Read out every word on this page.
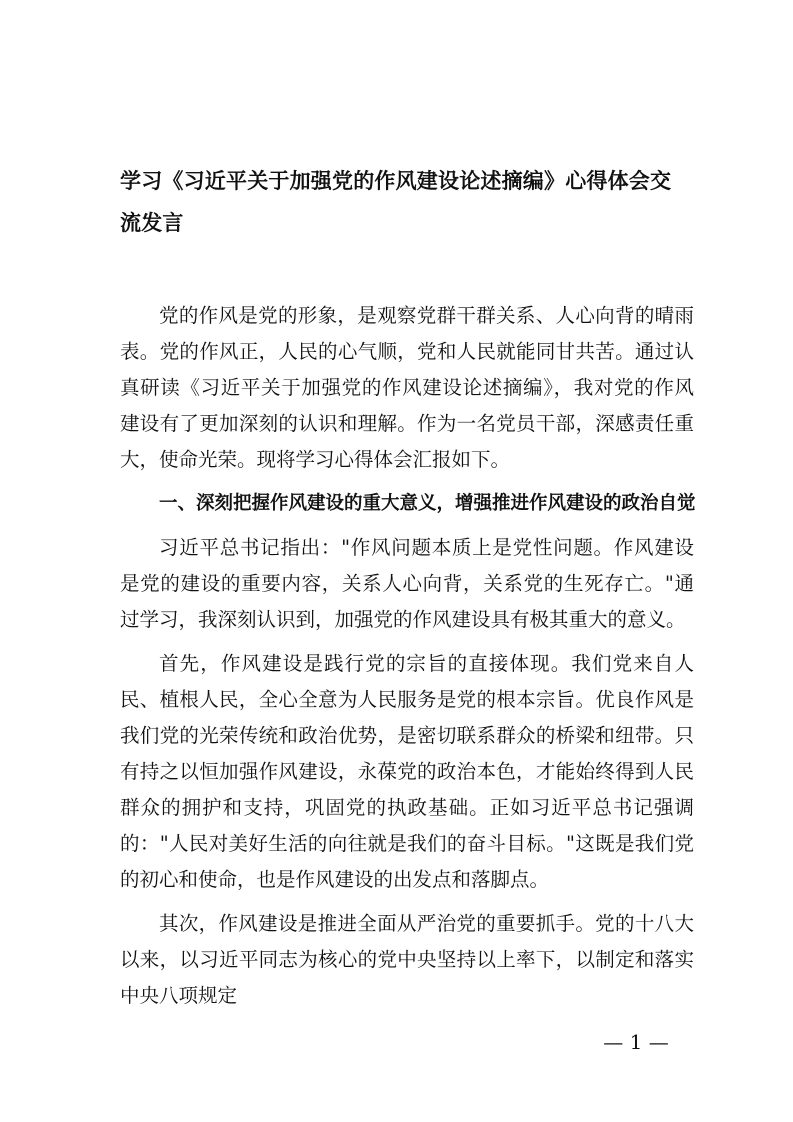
学习《习近平关于加强党的作风建设论述摘编》心得体会交流发言

党的作风是党的形象，是观察党群干群关系、人心向背的晴雨表。党的作风正，人民的心气顺，党和人民就能同甘共苦。通过认真研读《习近平关于加强党的作风建设论述摘编》，我对党的作风建设有了更加深刻的认识和理解。作为一名党员干部，深感责任重大，使命光荣。现将学习心得体会汇报如下。

一、深刻把握作风建设的重大意义，增强推进作风建设的政治自觉

习近平总书记指出："作风问题本质上是党性问题。作风建设是党的建设的重要内容，关系人心向背，关系党的生死存亡。"通过学习，我深刻认识到，加强党的作风建设具有极其重大的意义。

首先，作风建设是践行党的宗旨的直接体现。我们党来自人民、植根人民，全心全意为人民服务是党的根本宗旨。优良作风是我们党的光荣传统和政治优势，是密切联系群众的桥梁和纽带。只有持之以恒加强作风建设，永葆党的政治本色，才能始终得到人民群众的拥护和支持，巩固党的执政基础。正如习近平总书记强调的："人民对美好生活的向往就是我们的奋斗目标。"这既是我们党的初心和使命，也是作风建设的出发点和落脚点。

其次，作风建设是推进全面从严治党的重要抓手。党的十八大以来，以习近平同志为核心的党中央坚持以上率下，以制定和落实中央八项规定

— 1 —
